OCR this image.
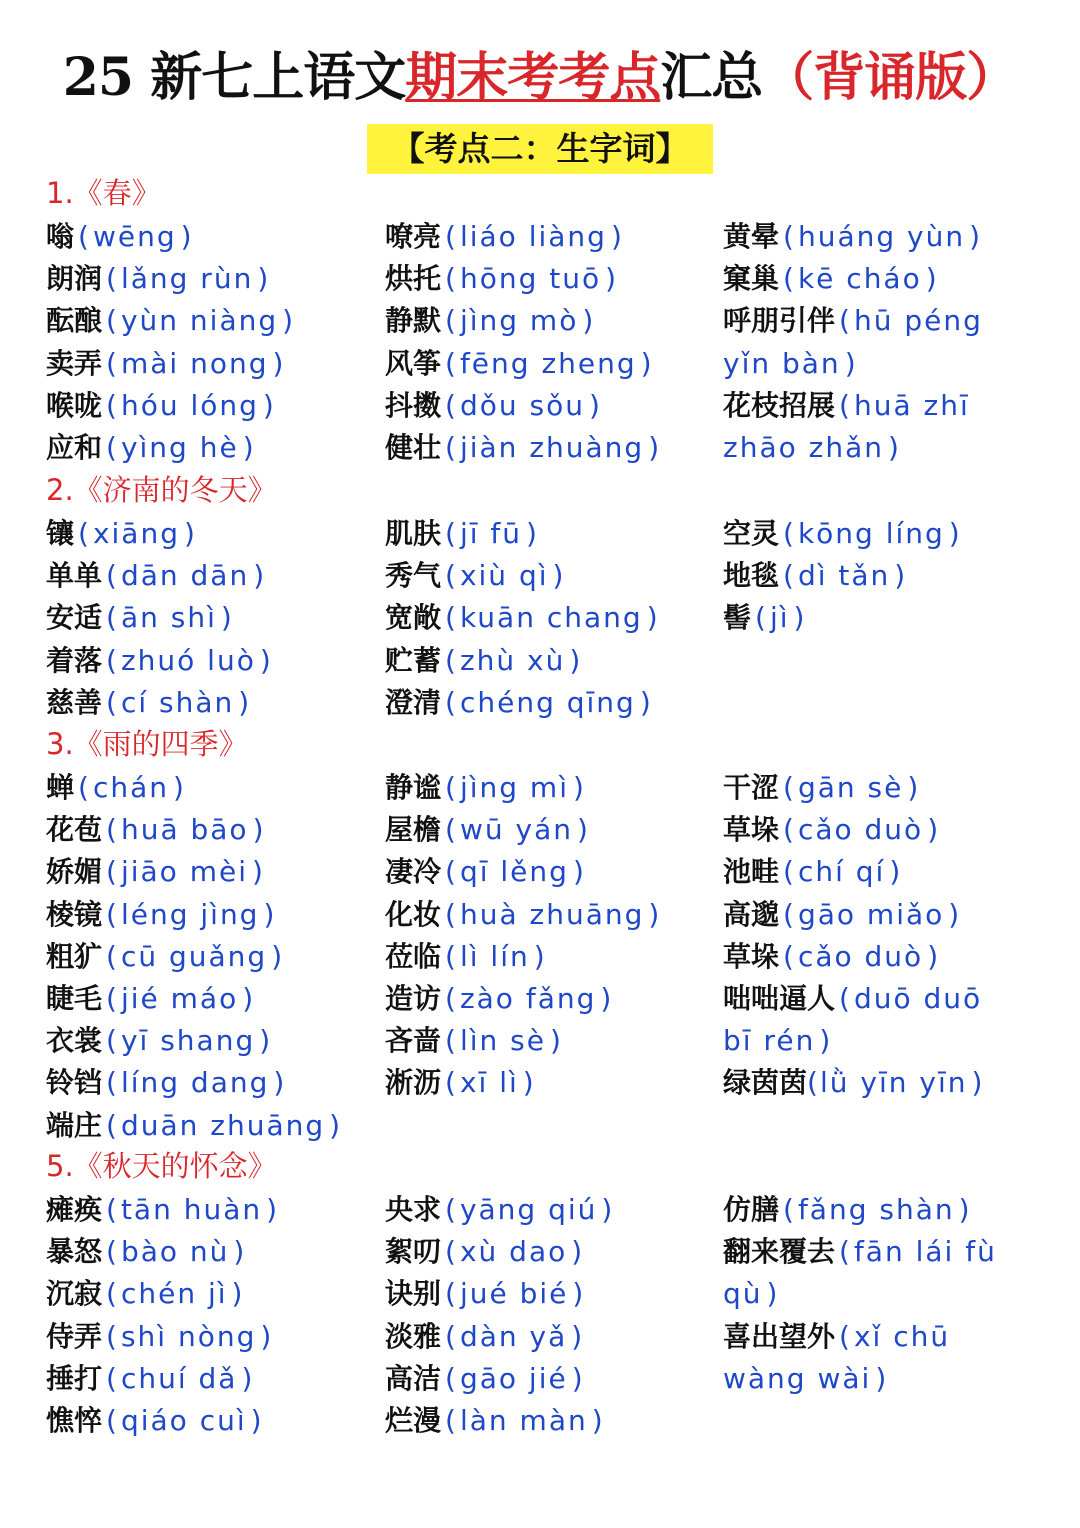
25 新七上语文期末考考点汇总（背诵版）
【考点二：生字词】
1.《春》
嗡 ( wēng )	嘹亮 ( liáo liàng )	黄晕 ( huáng yùn )
朗润 ( lǎng rùn )	烘托 ( hōng tuō )	窠巢 ( kē cháo )
酝酿 ( yùn niàng )	静默 ( jìng mò )	呼朋引伴 ( hū péng
卖弄 ( mài nong )	风筝 ( fēng zheng )	yǐn bàn )
喉咙 ( hóu lóng )	抖擞 ( dǒu sǒu )	花枝招展 ( huā zhī
应和 ( yìng hè )	健壮 ( jiàn zhuàng ) zhāo zhǎn )
2.《济南的冬天》
镶 ( xiāng )	肌肤 ( jī fū )	空灵 ( kōng líng )
单单 ( dān dān )	秀气 ( xiù qì )	地毯 ( dì tǎn )
安适 ( ān shì )	宽敞 ( kuān chang ) 髻 ( jì )
着落 ( zhuó luò )	贮蓄 ( zhù xù )
慈善 ( cí shàn )	澄清 ( chéng qīng )
3.《雨的四季》
蝉 ( chán )	静谧 ( jìng mì )	干涩 ( gān sè )
花苞 ( huā bāo )	屋檐 ( wū yán )	草垛 ( cǎo duò )
娇媚 ( jiāo mèi )	凄冷 ( qī lěng )	池畦 ( chí qí )
棱镜 ( léng jìng )	化妆 ( huà zhuāng ) 高邈 ( gāo miǎo )
粗犷 ( cū guǎng )	莅临 ( lì lín )	草垛 ( cǎo duò )
睫毛 ( jié máo )	造访 ( zào fǎng )	咄咄逼人 ( duō duō
衣裳 ( yī shang )	吝啬 ( lìn sè )	bī rén )
铃铛 ( líng dang )	淅沥 ( xī lì )	绿茵茵(lǜ yīn yīn )
端庄 ( duān zhuāng )
5.《秋天的怀念》
瘫痪 ( tān huàn )	央求 ( yāng qiú )	仿膳 ( fǎng shàn )
暴怒 ( bào nù )	絮叨 ( xù dao )	翻来覆去 ( fān lái fù
沉寂 ( chén jì )	诀别 ( jué bié )	qù )
侍弄 ( shì nòng )	淡雅 ( dàn yǎ )	喜出望外 ( xǐ chū
捶打 ( chuí dǎ )	高洁 ( gāo jié )	wàng wài )
憔悴 ( qiáo cuì )	烂漫 ( làn màn )
